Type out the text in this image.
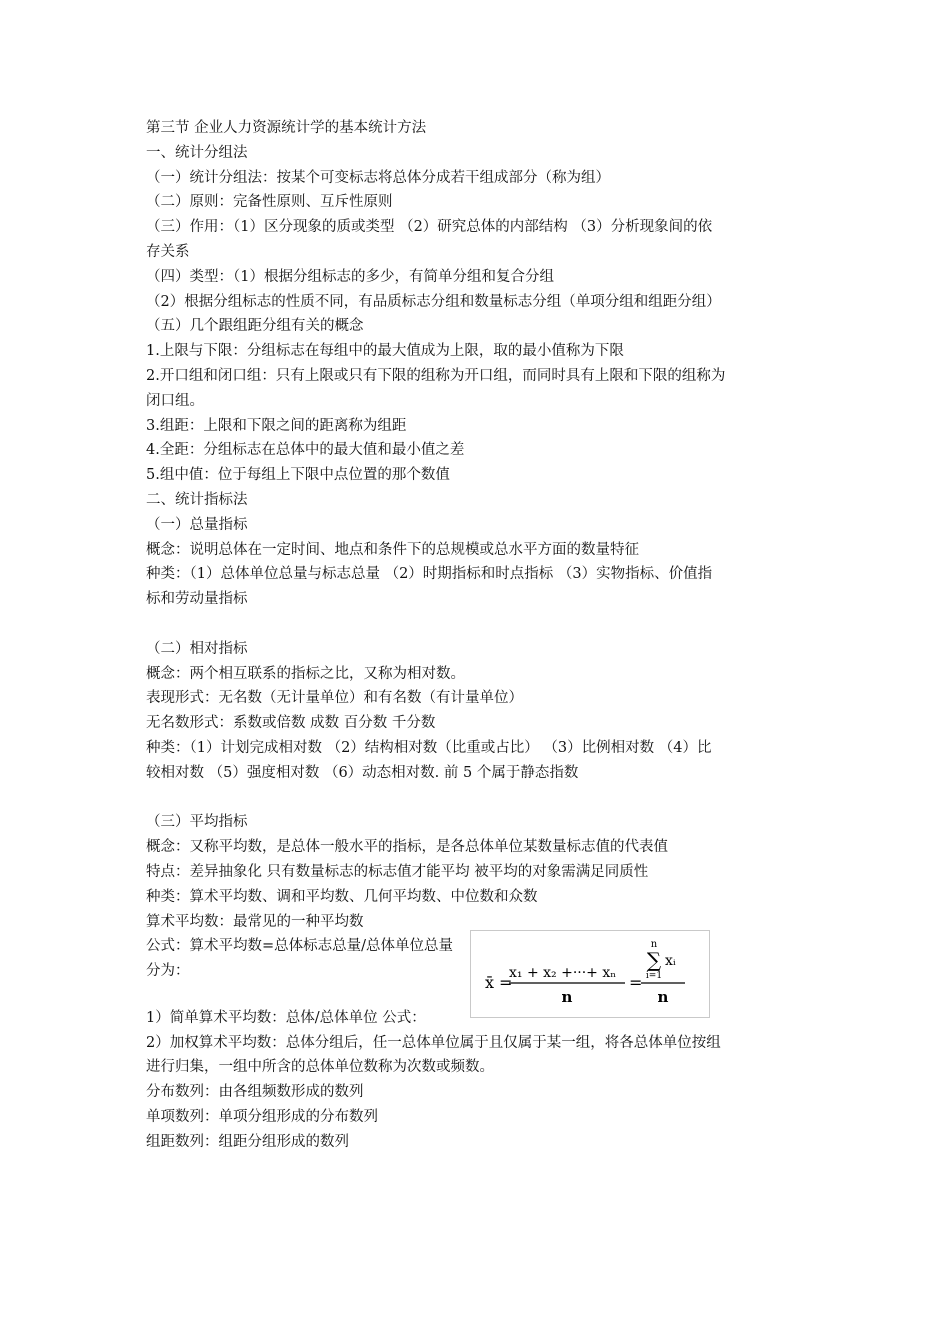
第三节 企业人力资源统计学的基本统计方法
一、统计分组法
（一）统计分组法：按某个可变标志将总体分成若干组成部分（称为组）
（二）原则：完备性原则、互斥性原则
（三）作用：（1）区分现象的质或类型 （2）研究总体的内部结构 （3）分析现象间的依
存关系
（四）类型：（1）根据分组标志的多少，有简单分组和复合分组
（2）根据分组标志的性质不同，有品质标志分组和数量标志分组（单项分组和组距分组）
（五）几个跟组距分组有关的概念
1.上限与下限：分组标志在每组中的最大值成为上限，取的最小值称为下限
2.开口组和闭口组：只有上限或只有下限的组称为开口组，而同时具有上限和下限的组称为
闭口组。
3.组距：上限和下限之间的距离称为组距
4.全距：分组标志在总体中的最大值和最小值之差
5.组中值：位于每组上下限中点位置的那个数值
二、统计指标法
（一）总量指标
概念：说明总体在一定时间、地点和条件下的总规模或总水平方面的数量特征
种类：（1）总体单位总量与标志总量 （2）时期指标和时点指标 （3）实物指标、价值指
标和劳动量指标
（二）相对指标
概念：两个相互联系的指标之比，又称为相对数。
表现形式：无名数（无计量单位）和有名数（有计量单位）
无名数形式：系数或倍数 成数 百分数 千分数
种类：（1）计划完成相对数 （2）结构相对数（比重或占比） （3）比例相对数 （4）比
较相对数 （5）强度相对数 （6）动态相对数. 前 5 个属于静态指数
（三）平均指标
概念：又称平均数，是总体一般水平的指标，是各总体单位某数量标志值的代表值
特点：差异抽象化 只有数量标志的标志值才能平均 被平均的对象需满足同质性
种类：算术平均数、调和平均数、几何平均数、中位数和众数
算术平均数：最常见的一种平均数
公式：算术平均数=总体标志总量/总体单位总量
分为：
1）简单算术平均数：总体/总体单位 公式：
x̄ =
x₁ + x₂ +···+ xₙ
n
=
n
∑
i=1
xᵢ
n
2）加权算术平均数：总体分组后，任一总体单位属于且仅属于某一组，将各总体单位按组
进行归集，一组中所含的总体单位数称为次数或频数。
分布数列：由各组频数形成的数列
单项数列：单项分组形成的分布数列
组距数列：组距分组形成的数列
